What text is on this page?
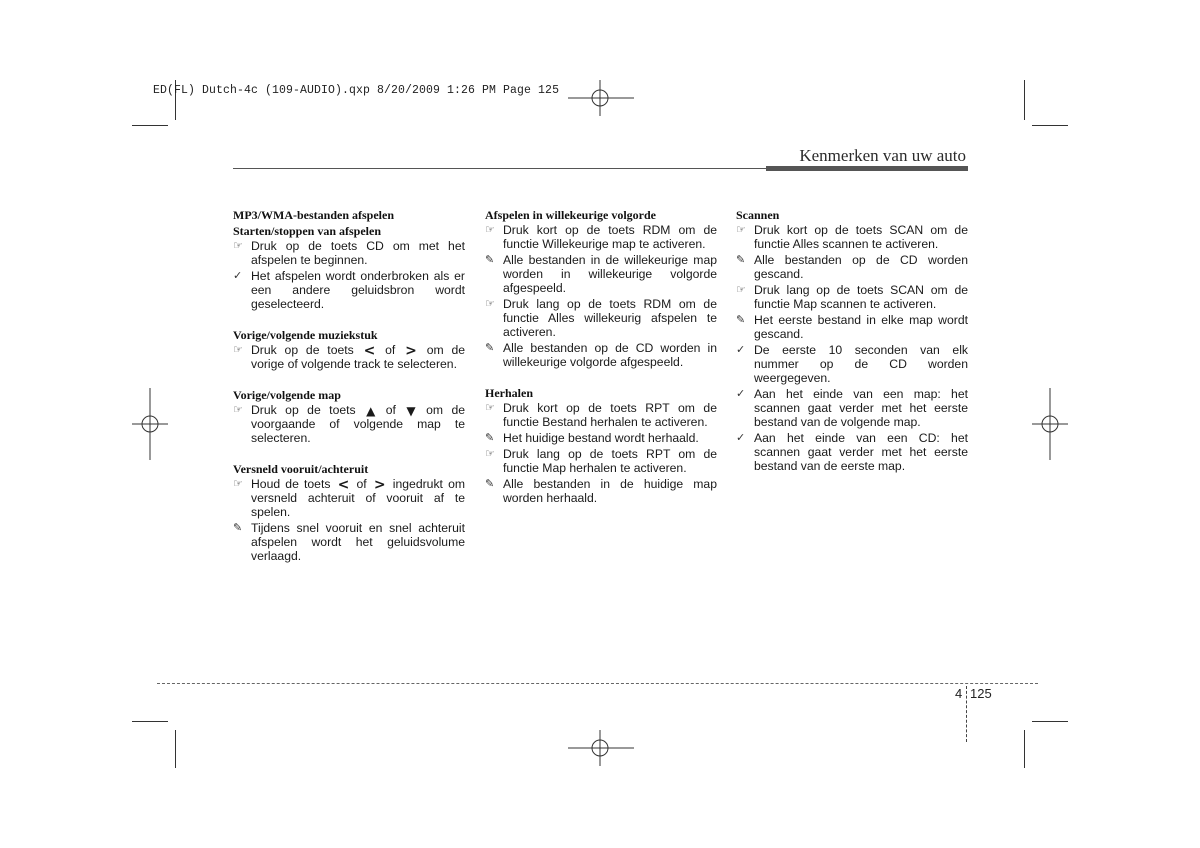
ED(FL) Dutch-4c (109-AUDIO).qxp 8/20/2009 1:26 PM Page 125
Kenmerken van uw auto

MP3/WMA-bestanden afspelen

Starten/stoppen van afspelen

☞ Druk op de toets CD om met het afspelen te beginnen.
✓ Het afspelen wordt onderbroken als er een andere geluidsbron wordt geselecteerd.

Vorige/volgende muziekstuk

☞ Druk op de toets < of > om de vorige of volgende track te selecteren.

Vorige/volgende map

☞ Druk op de toets ▲ of ▼ om de voorgaande of volgende map te selecteren.

Versneld vooruit/achteruit

☞ Houd de toets < of > ingedrukt om versneld achteruit of vooruit af te spelen.
✎ Tijdens snel vooruit en snel achteruit afspelen wordt het geluidsvolume verlaagd.

Afspelen in willekeurige volgorde

☞ Druk kort op de toets RDM om de functie Willekeurige map te activeren.
✎ Alle bestanden in de willekeurige map worden in willekeurige volgorde afgespeeld.
☞ Druk lang op de toets RDM om de functie Alles willekeurig afspelen te activeren.
✎ Alle bestanden op de CD worden in willekeurige volgorde afgespeeld.

Herhalen

☞ Druk kort op de toets RPT om de functie Bestand herhalen te activeren.
✎ Het huidige bestand wordt herhaald.
☞ Druk lang op de toets RPT om de functie Map herhalen te activeren.
✎ Alle bestanden in de huidige map worden herhaald.

Scannen

☞ Druk kort op de toets SCAN om de functie Alles scannen te activeren.
✎ Alle bestanden op de CD worden gescand.
☞ Druk lang op de toets SCAN om de functie Map scannen te activeren.
✎ Het eerste bestand in elke map wordt gescand.
✓ De eerste 10 seconden van elk nummer op de CD worden weergegeven.
✓ Aan het einde van een map: het scannen gaat verder met het eerste bestand van de volgende map.
✓ Aan het einde van een CD: het scannen gaat verder met het eerste bestand van de eerste map.
4 125
